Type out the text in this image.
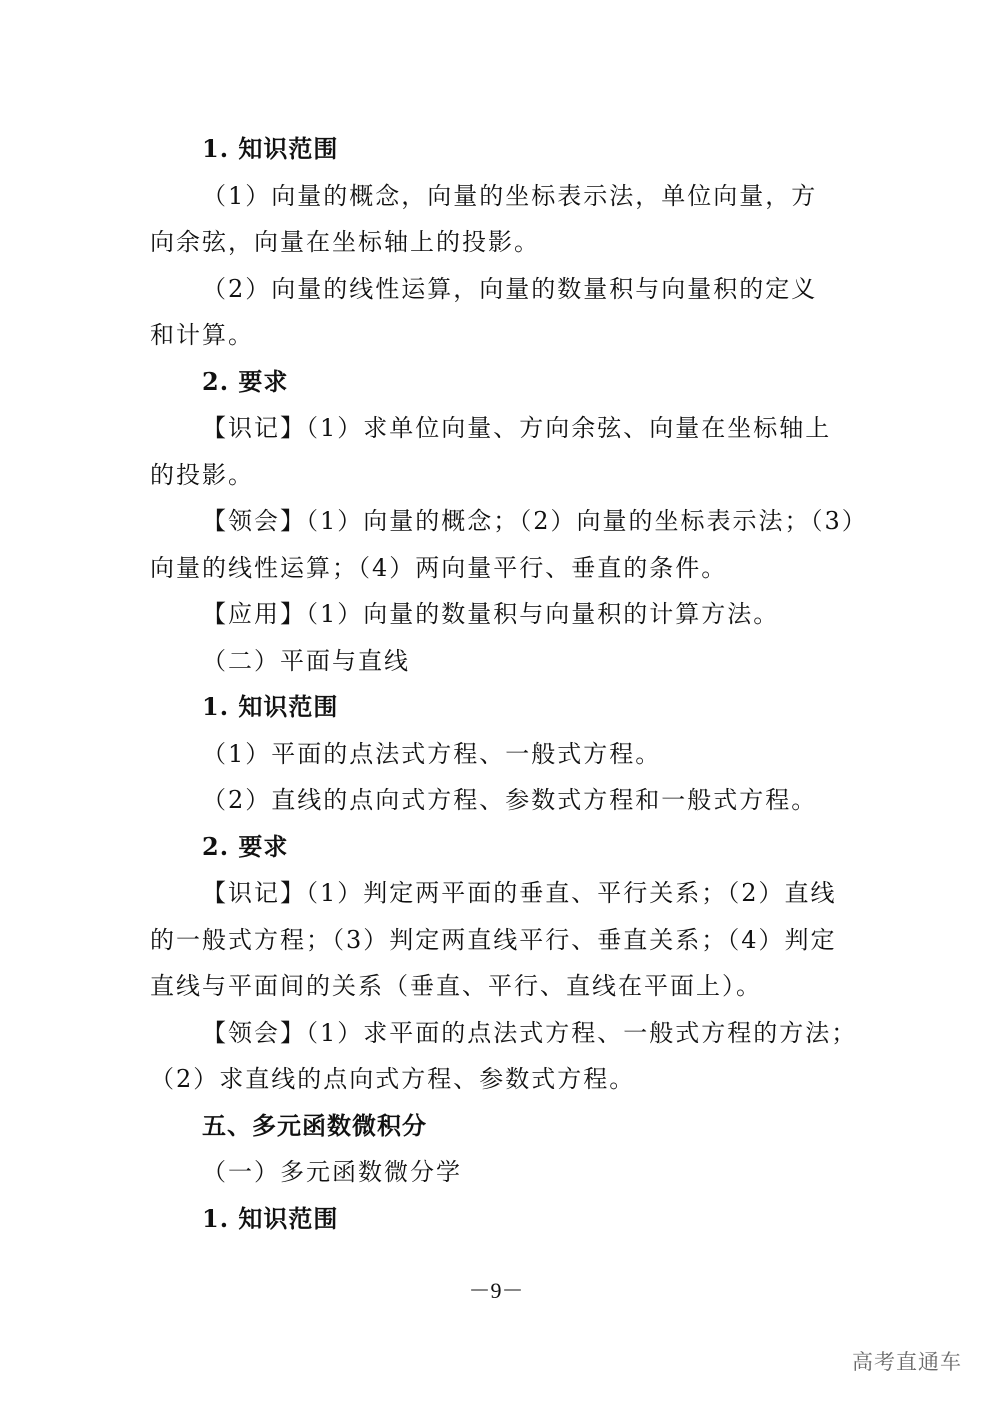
1. 知识范围
（1）向量的概念，向量的坐标表示法，单位向量，方
向余弦，向量在坐标轴上的投影。
（2）向量的线性运算，向量的数量积与向量积的定义
和计算。
2. 要求
【识记】（1）求单位向量、方向余弦、向量在坐标轴上
的投影。
【领会】（1）向量的概念；（2）向量的坐标表示法；（3）
向量的线性运算；（4）两向量平行、垂直的条件。
【应用】（1）向量的数量积与向量积的计算方法。
（二）平面与直线
1. 知识范围
（1）平面的点法式方程、一般式方程。
（2）直线的点向式方程、参数式方程和一般式方程。
2. 要求
【识记】（1）判定两平面的垂直、平行关系；（2）直线
的一般式方程；（3）判定两直线平行、垂直关系；（4）判定
直线与平面间的关系（垂直、平行、直线在平面上）。
【领会】（1）求平面的点法式方程、一般式方程的方法；
（2）求直线的点向式方程、参数式方程。
五、多元函数微积分
（一）多元函数微分学
1. 知识范围
－9－
高考直通车
